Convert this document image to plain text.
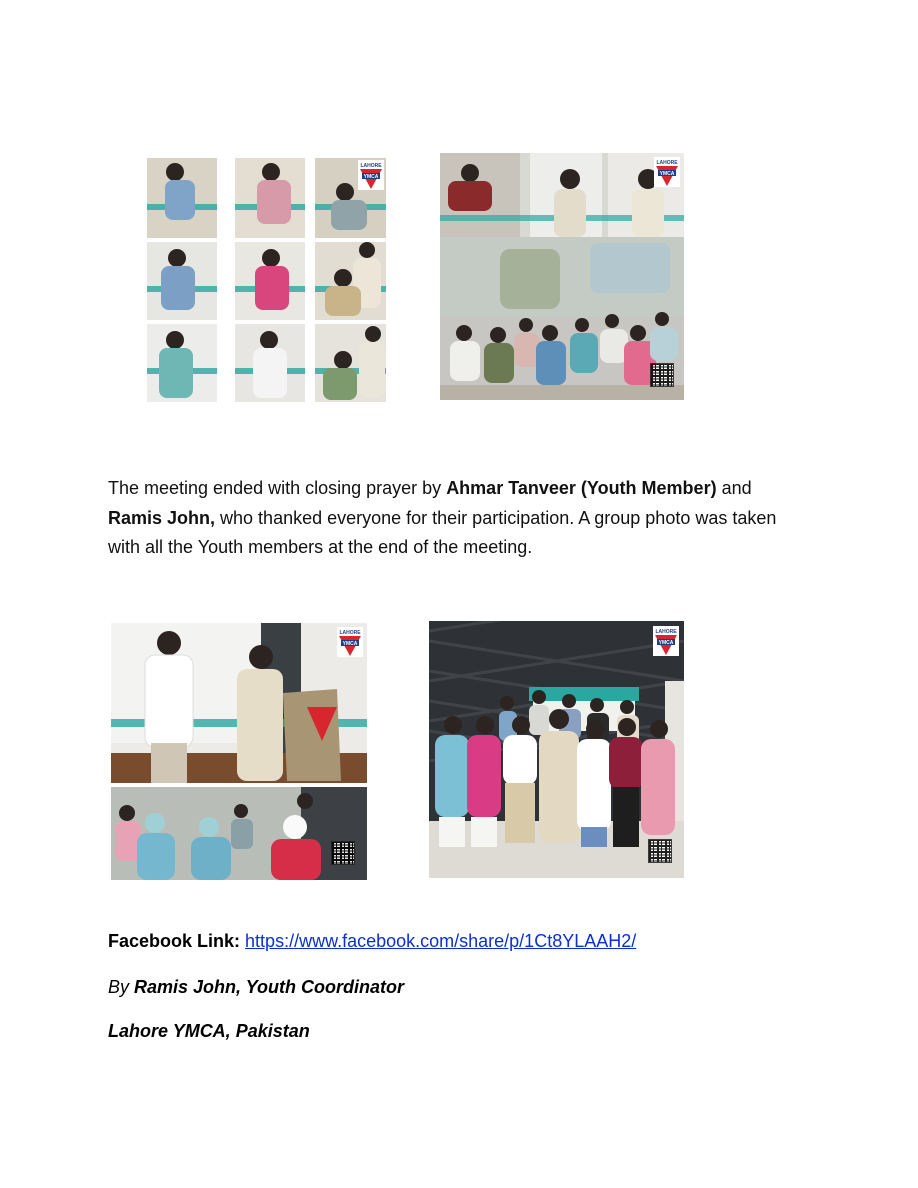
LAHORE
YMCA
LAHORE
YMCA
The meeting ended with closing prayer by Ahmar Tanveer (Youth Member) and
Ramis John, who thanked everyone for their participation. A group photo was taken with all the Youth members at the end of the meeting.
LAHORE
YMCA
LAHORE
YMCA
Facebook Link: https://www.facebook.com/share/p/1Ct8YLAAH2/
By Ramis John, Youth Coordinator
Lahore YMCA, Pakistan
